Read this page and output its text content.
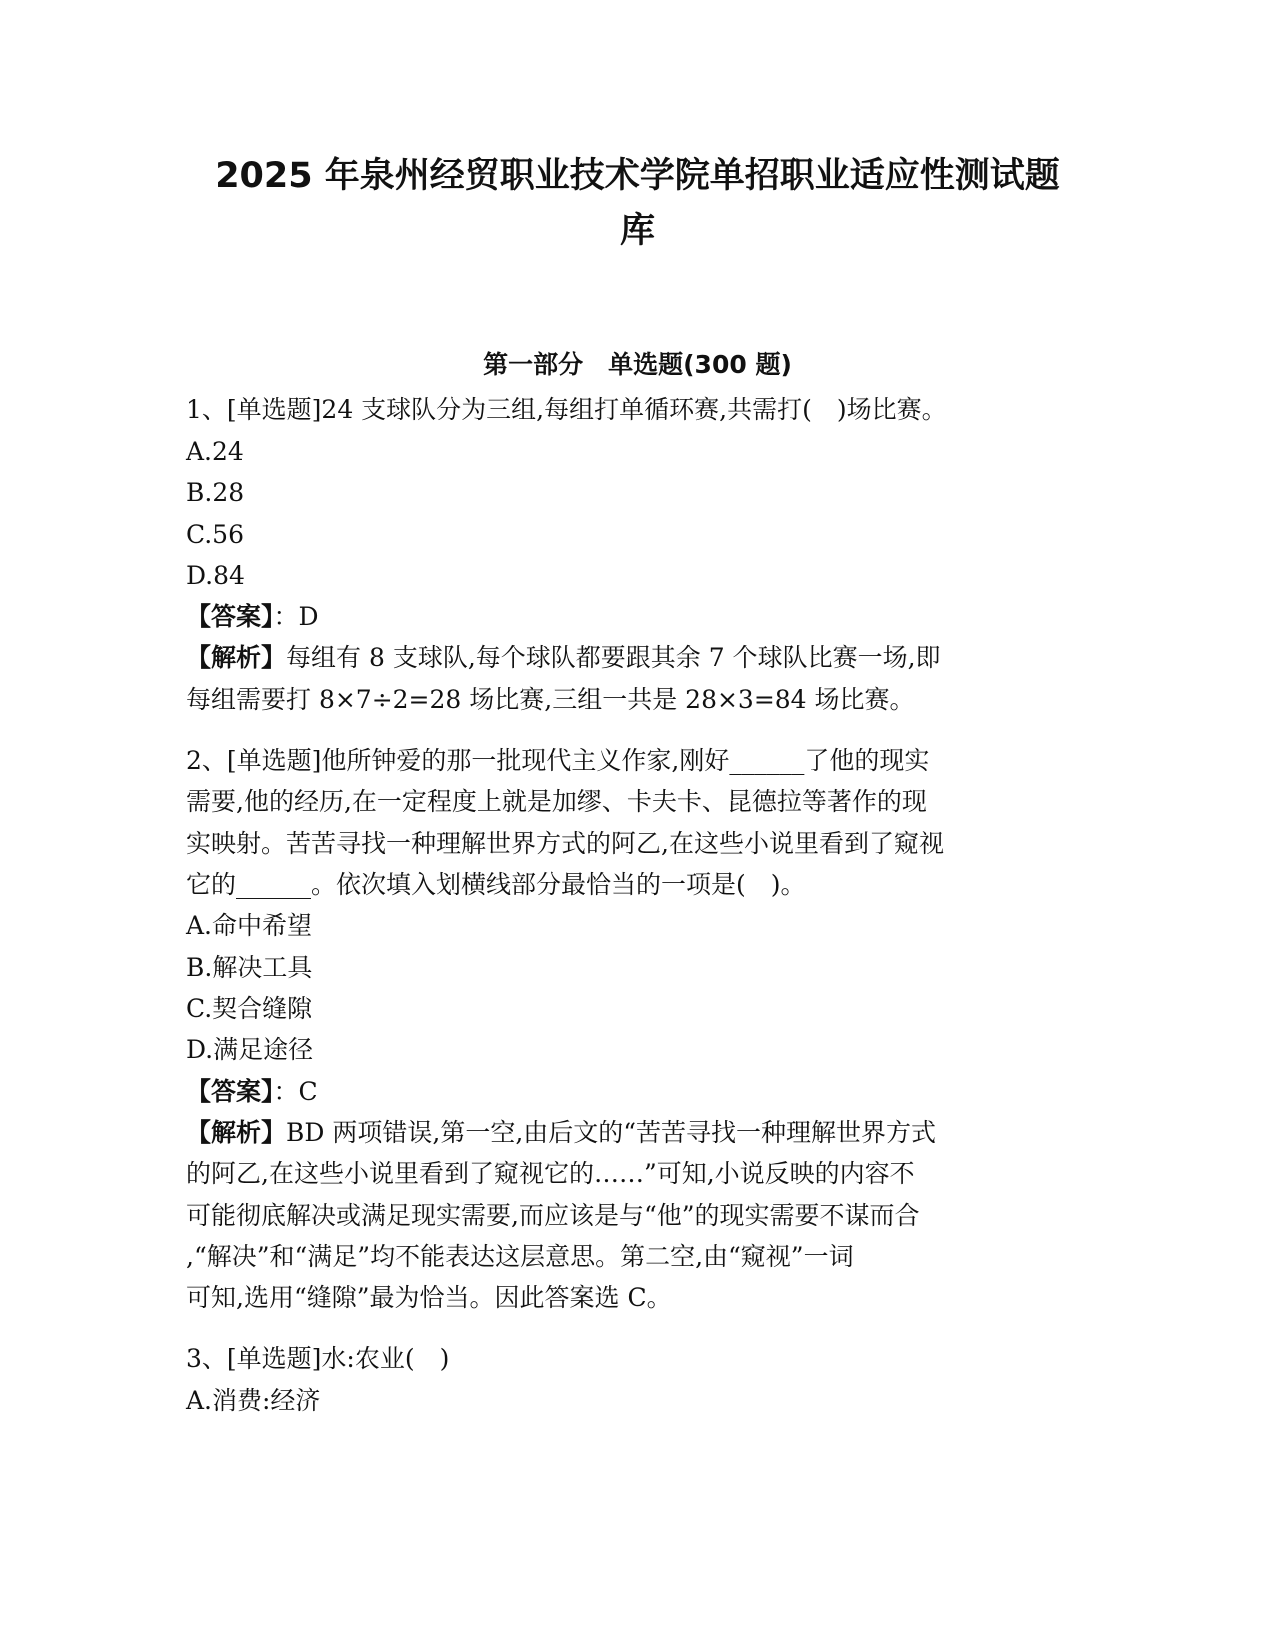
2025 年泉州经贸职业技术学院单招职业适应性测试题
库
第一部分　单选题(300 题)
1、[单选题]24 支球队分为三组,每组打单循环赛,共需打(　)场比赛。
A.24
B.28
C.56
D.84
【答案】：D
【解析】每组有 8 支球队,每个球队都要跟其余 7 个球队比赛一场,即
每组需要打 8×7÷2=28 场比赛,三组一共是 28×3=84 场比赛。
2、[单选题]他所钟爱的那一批现代主义作家,刚好______了他的现实
需要,他的经历,在一定程度上就是加缪、卡夫卡、昆德拉等著作的现
实映射。苦苦寻找一种理解世界方式的阿乙,在这些小说里看到了窥视
它的______。依次填入划横线部分最恰当的一项是(　)。
A.命中希望
B.解决工具
C.契合缝隙
D.满足途径
【答案】：C
【解析】BD 两项错误,第一空,由后文的“苦苦寻找一种理解世界方式
的阿乙,在这些小说里看到了窥视它的……”可知,小说反映的内容不
可能彻底解决或满足现实需要,而应该是与“他”的现实需要不谋而合
,“解决”和“满足”均不能表达这层意思。第二空,由“窥视”一词
可知,选用“缝隙”最为恰当。因此答案选 C。
3、[单选题]水:农业(　)
A.消费:经济
